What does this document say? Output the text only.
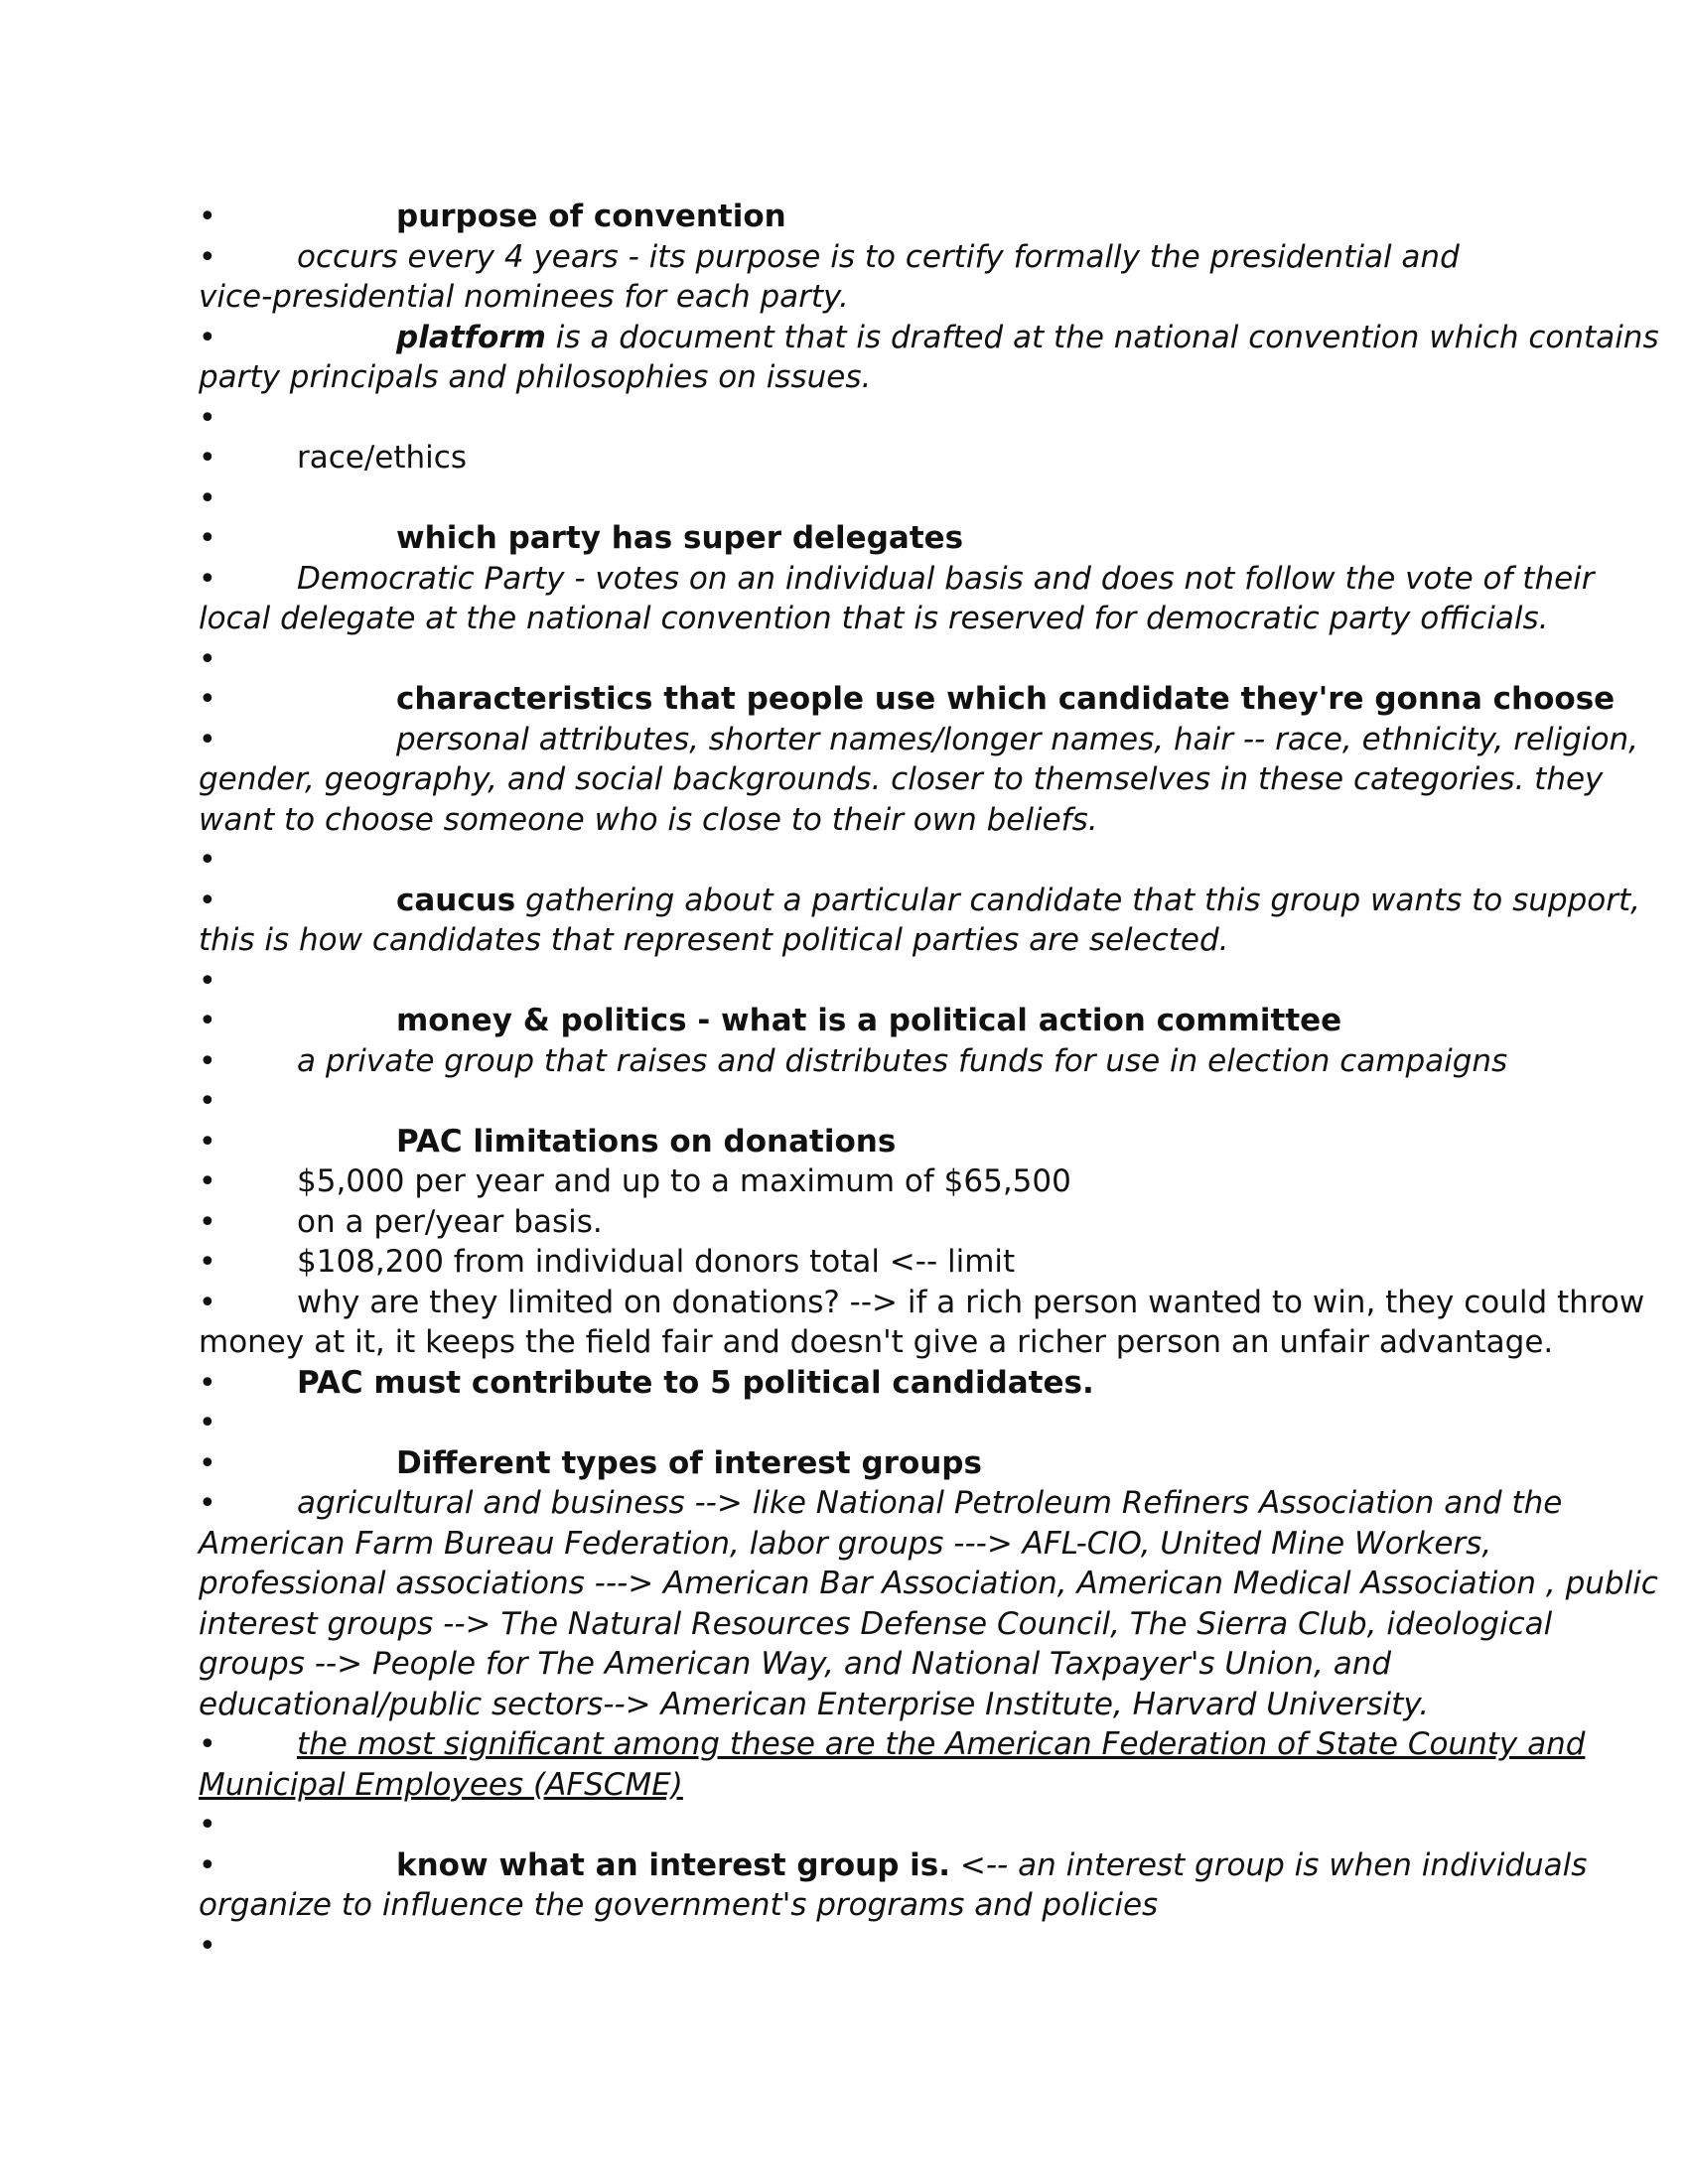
•
purpose of convention
•
occurs every 4 years - its purpose is to certify formally the presidential and
vice-presidential nominees for each party.
•
platform is a document that is drafted at the national convention which contains
party principals and philosophies on issues.
•
•
race/ethics
•
•
which party has super delegates
•
Democratic Party - votes on an individual basis and does not follow the vote of their
local delegate at the national convention that is reserved for democratic party officials.
•
•
characteristics that people use which candidate they're gonna choose
•
personal attributes, shorter names/longer names, hair -- race, ethnicity, religion,
gender, geography, and social backgrounds. closer to themselves in these categories. they
want to choose someone who is close to their own beliefs.
•
•
caucus gathering about a particular candidate that this group wants to support,
this is how candidates that represent political parties are selected.
•
•
money & politics - what is a political action committee
•
a private group that raises and distributes funds for use in election campaigns
•
•
PAC limitations on donations
•
$5,000 per year and up to a maximum of $65,500
•
on a per/year basis.
•
$108,200 from individual donors total <-- limit
•
why are they limited on donations? --> if a rich person wanted to win, they could throw
money at it, it keeps the field fair and doesn't give a richer person an unfair advantage.
•
PAC must contribute to 5 political candidates.
•
•
Different types of interest groups
•
agricultural and business --> like National Petroleum Refiners Association and the
American Farm Bureau Federation, labor groups ---> AFL-CIO, United Mine Workers,
professional associations ---> American Bar Association, American Medical Association , public
interest groups --> The Natural Resources Defense Council, The Sierra Club, ideological
groups --> People for The American Way, and National Taxpayer's Union, and
educational/public sectors--> American Enterprise Institute, Harvard University.
•
the most significant among these are the American Federation of State County and
Municipal Employees (AFSCME)
•
•
know what an interest group is. <-- an interest group is when individuals
organize to influence the government's programs and policies
•
